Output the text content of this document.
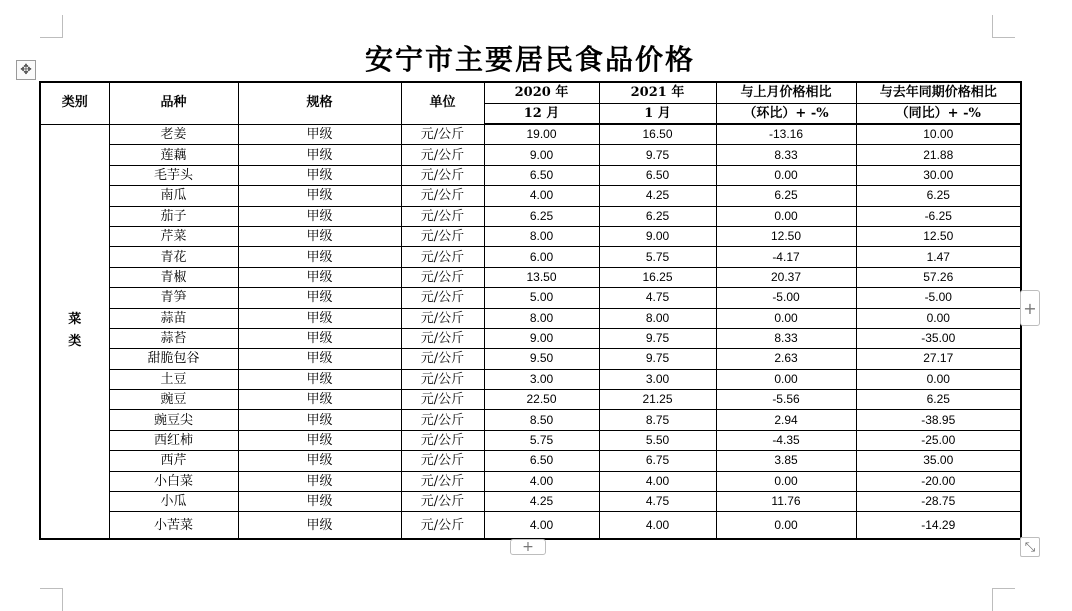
✥	安宁市主要居民食品价格
类别	品种	规格	单位	2020 年	2021 年	与上月价格相比	与去年同期价格相比
				12 月	1 月	（环比）+ -%	（同比）+ -%

菜
类	老姜	甲级	元/公斤	19.00	16.50	-13.16	10.00
	莲藕	甲级	元/公斤	9.00	9.75	8.33	21.88
	毛芋头	甲级	元/公斤	6.50	6.50	0.00	30.00
	南瓜	甲级	元/公斤	4.00	4.25	6.25	6.25
	茄子	甲级	元/公斤	6.25	6.25	0.00	-6.25
	芹菜	甲级	元/公斤	8.00	9.00	12.50	12.50
	青花	甲级	元/公斤	6.00	5.75	-4.17	1.47
	青椒	甲级	元/公斤	13.50	16.25	20.37	57.26
	青笋	甲级	元/公斤	5.00	4.75	-5.00	-5.00
	蒜苗	甲级	元/公斤	8.00	8.00	0.00	0.00
	蒜苔	甲级	元/公斤	9.00	9.75	8.33	-35.00
	甜脆包谷	甲级	元/公斤	9.50	9.75	2.63	27.17
	土豆	甲级	元/公斤	3.00	3.00	0.00	0.00
	豌豆	甲级	元/公斤	22.50	21.25	-5.56	6.25
	豌豆尖	甲级	元/公斤	8.50	8.75	2.94	-38.95
	西红柿	甲级	元/公斤	5.75	5.50	-4.35	-25.00
	西芹	甲级	元/公斤	6.50	6.75	3.85	35.00
	小白菜	甲级	元/公斤	4.00	4.00	0.00	-20.00
	小瓜	甲级	元/公斤	4.25	4.75	11.76	-28.75
	小苦菜	甲级	元/公斤	4.00	4.00	0.00	-14.29
+
+	⤡
